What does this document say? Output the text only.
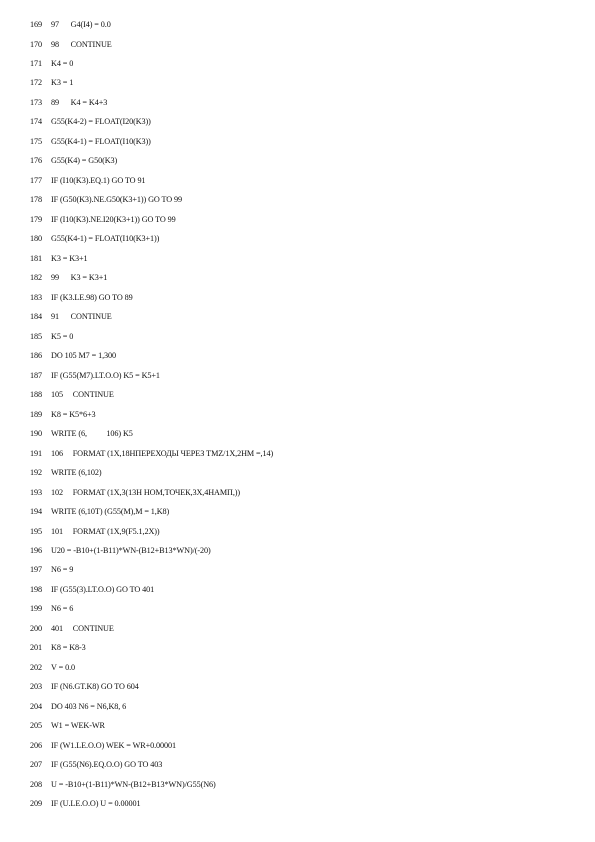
169	97      G4(I4) = 0.0
170	98      CONTINUE
171	K4 = 0
172	K3 = 1
173	89      K4 = K4+3
174	G55(K4-2) = FLOAT(I20(K3))
175	G55(K4-1) = FLOAT(I10(K3))
176	G55(K4) = G50(K3)
177	IF (I10(K3).EQ.1) GO TO 91
178	IF (G50(K3).NE.G50(K3+1)) GO TO 99
179	IF (I10(K3).NE.I20(K3+1)) GO TO 99
180	G55(K4-1) = FLOAT(I10(K3+1))
181	K3 = K3+1
182	99      K3 = K3+1
183	IF (K3.LE.98) GO TO 89
184	91      CONTINUE
185	K5 = 0
186	DO 105 M7 = 1,300
187	IF (G55(M7).LT.O.O) K5 = K5+1
188	105     CONTINUE
189	K8 = K5*6+3
190	WRITE (6,          106) K5
191	106     FORMAT (1X,18НПЕРЕХОДЫ ЧЕРЕЗ TMZ/1X,2НМ =,14)
192	WRITE (6,102)
193	102     FORMAT (1X,3(13Н НОМ,ТОЧЕК,3X,4НАМП,))
194	WRITE (6,10T) (G55(M),M = 1,K8)
195	101     FORMAT (1X,9(F5.1,2X))
196	U20 = -B10+(1-B11)*WN-(B12+B13*WN)/(-20)
197	N6 = 9
198	IF (G55(3).LT.O.O) GO TO 401
199	N6 = 6
200	401     CONTINUE
201	K8 = K8-3
202	V = 0.0
203	IF (N6.GT.K8) GO TO 604
204	DO 403 N6 = N6,K8, 6
205	W1 = WEK-WR
206	IF (W1.LE.O.O) WEK = WR+0.00001
207	IF (G55(N6).EQ.O.O) GO TO 403
208	U = -B10+(1-B11)*WN-(B12+B13*WN)/G55(N6)
209	IF (U.LE.O.O) U = 0.00001
